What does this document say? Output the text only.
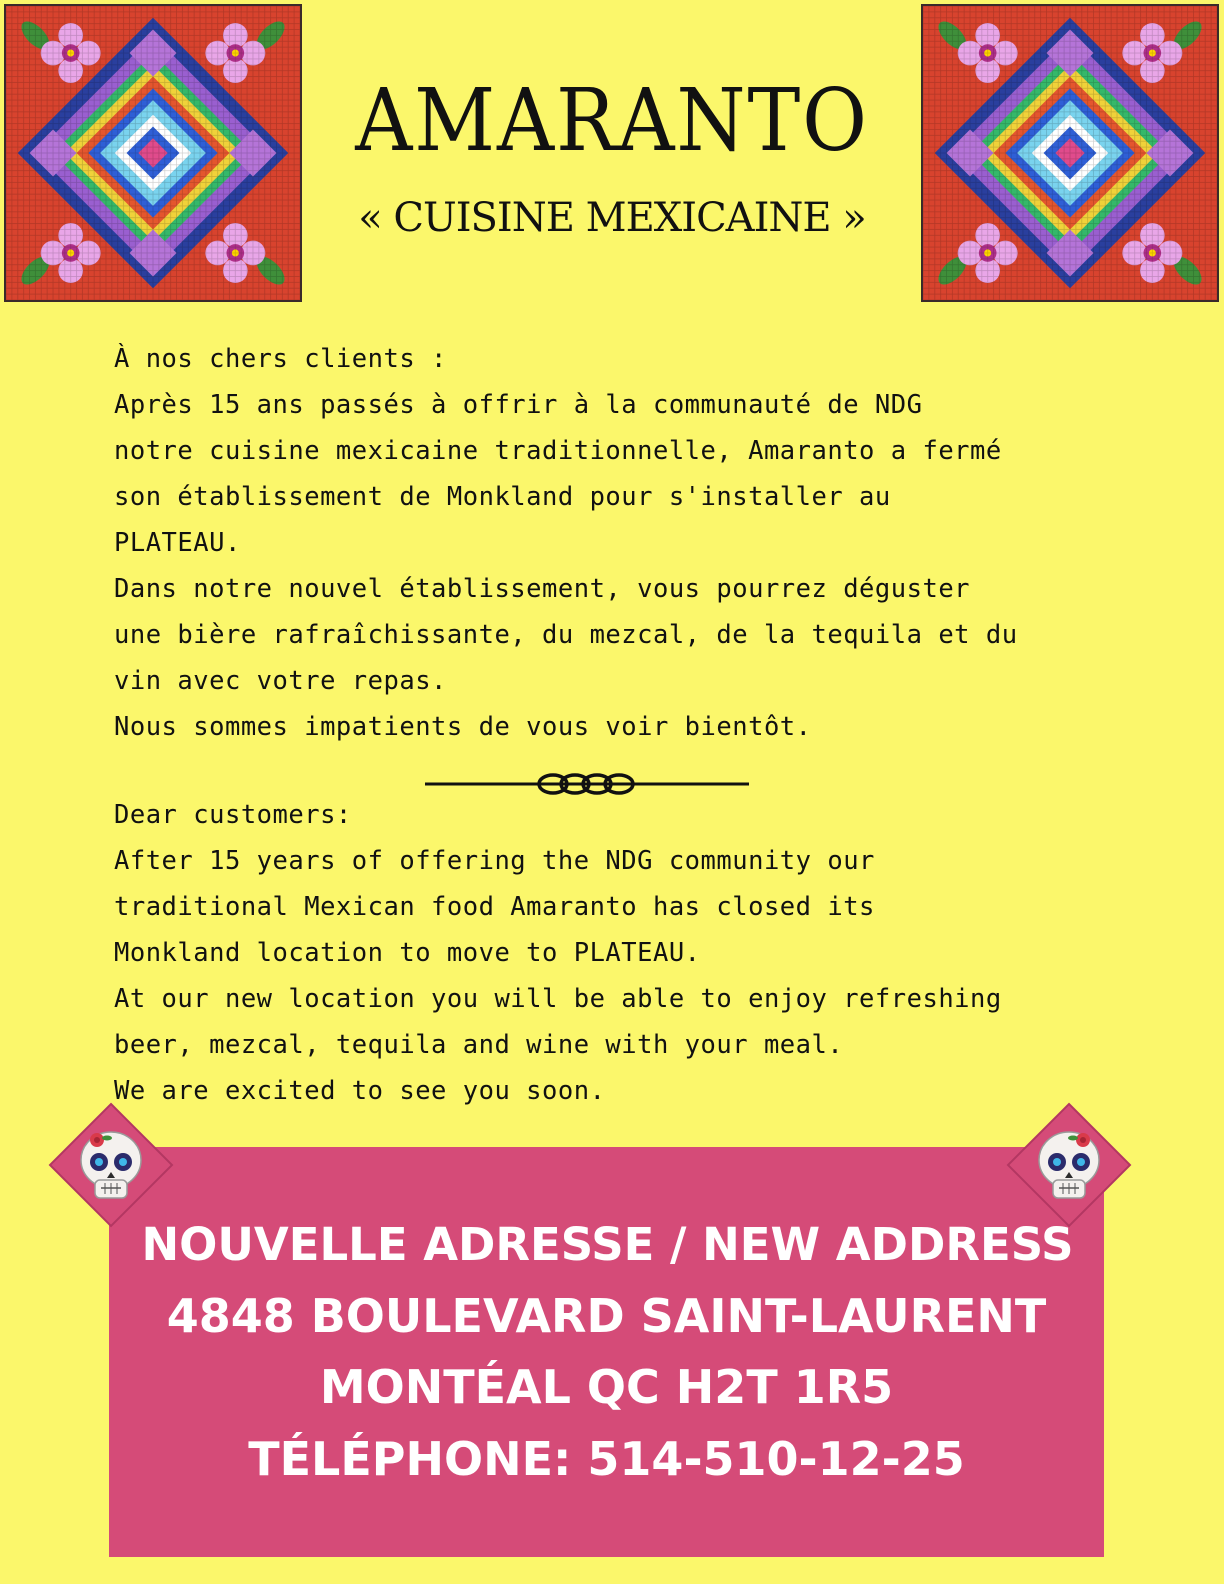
AMARANTO
« CUISINE MEXICAINE »

À nos chers clients :

Après 15 ans passés à offrir à la communauté de NDG

notre cuisine mexicaine traditionnelle, Amaranto a fermé

son établissement de Monkland pour s'installer au

PLATEAU.

Dans notre nouvel établissement, vous pourrez déguster

une bière rafraîchissante, du mezcal, de la tequila et du

vin avec votre repas.

Nous sommes impatients de vous voir bientôt.

Dear customers:

After 15 years of offering the NDG community our

traditional Mexican food Amaranto has closed its

Monkland location to move to PLATEAU.

At our new location you will be able to enjoy refreshing

beer, mezcal, tequila and wine with your meal.

We are excited to see you soon.

NOUVELLE ADRESSE / NEW ADDRESS
4848 BOULEVARD SAINT-LAURENT
MONTÉAL QC H2T 1R5
TÉLÉPHONE: 514-510-12-25
